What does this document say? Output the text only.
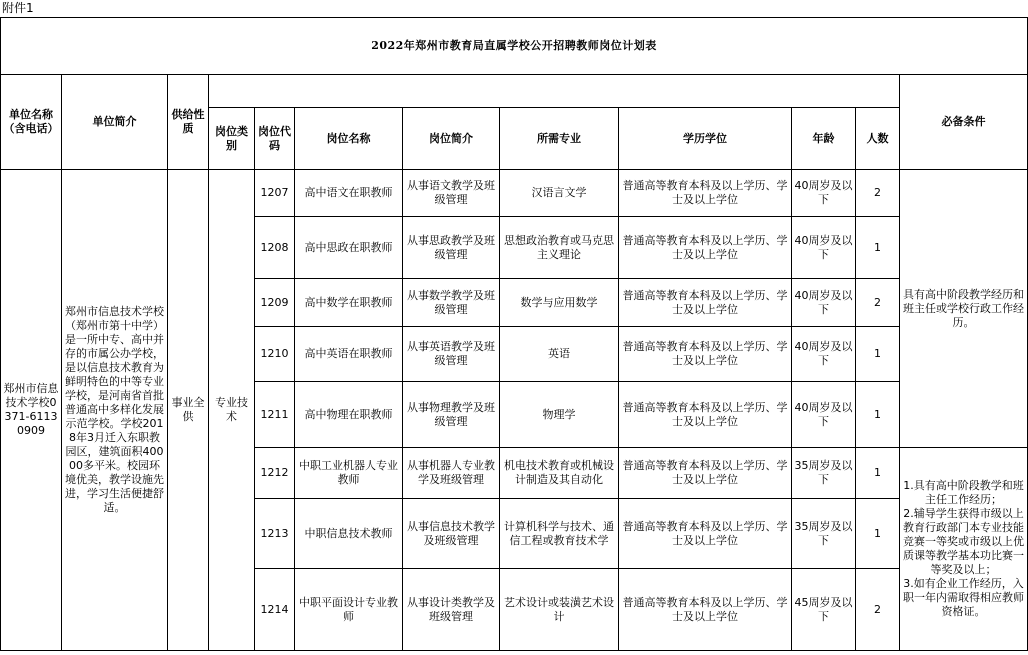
附件1
2022年郑州市教育局直属学校公开招聘教师岗位计划表											
单位名称（含电话）	单位简介	供给性质									必备条件
			岗位类别	岗位代码	岗位名称	岗位简介	所需专业	学历学位	年龄	人数	
郑州市信息技术学校0371-61130909	郑州市信息技术学校（郑州市第十中学）是一所中专、高中并存的市属公办学校，是以信息技术教育为鲜明特色的中等专业学校，是河南省首批普通高中多样化发展示范学校。学校2018年3月迁入东职教园区，建筑面积40000多平米。校园环境优美，教学设施先进，学习生活便捷舒适。	事业全供	专业技术	1207	高中语文在职教师	从事语文教学及班级管理	汉语言文学	普通高等教育本科及以上学历、学士及以上学位	40周岁及以下	2	具有高中阶段教学经历和班主任或学校行政工作经历。
				1208	高中思政在职教师	从事思政教学及班级管理	思想政治教育或马克思主义理论	普通高等教育本科及以上学历、学士及以上学位	40周岁及以下	1	
				1209	高中数学在职教师	从事数学教学及班级管理	数学与应用数学	普通高等教育本科及以上学历、学士及以上学位	40周岁及以下	2	
				1210	高中英语在职教师	从事英语教学及班级管理	英语	普通高等教育本科及以上学历、学士及以上学位	40周岁及以下	1	
				1211	高中物理在职教师	从事物理教学及班级管理	物理学	普通高等教育本科及以上学历、学士及以上学位	40周岁及以下	1	
				1212	中职工业机器人专业教师	从事机器人专业教学及班级管理	机电技术教育或机械设计制造及其自动化	普通高等教育本科及以上学历、学士及以上学位	35周岁及以下	1	1.具有高中阶段教学和班主任工作经历；
2.辅导学生获得市级以上教育行政部门本专业技能竞赛一等奖或市级以上优质课等教学基本功比赛一等奖及以上；
3.如有企业工作经历，入职一年内需取得相应教师资格证。

				1213	中职信息技术教师	从事信息技术教学及班级管理	计算机科学与技术、通信工程或教育技术学	普通高等教育本科及以上学历、学士及以上学位	35周岁及以下	1	
				1214	中职平面设计专业教师	从事设计类教学及班级管理	艺术设计或装潢艺术设计	普通高等教育本科及以上学历、学士及以上学位	45周岁及以下	2	
